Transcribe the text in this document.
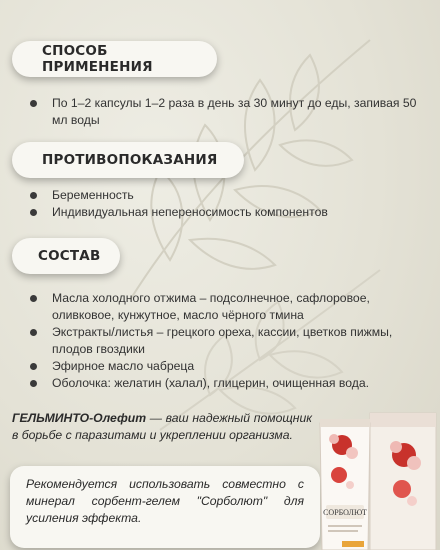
СПОСОБ ПРИМЕНЕНИЯ
По 1–2 капсулы 1–2 раза в день за 30 минут до еды, запивая 50 мл воды
ПРОТИВОПОКАЗАНИЯ
Беременность
Индивидуальная непереносимость компонентов
СОСТАВ
Масла холодного отжима – подсолнечное, сафлоровое, оливковое, кунжутное, масло чёрного тмина
Экстракты/листья – грецкого ореха, кассии, цветков пижмы, плодов гвоздики
Эфирное масло чабреца
Оболочка: желатин (халал), глицерин, очищенная вода.
ГЕЛЬМИНТО-Олефит — ваш надежный помощник в борьбе с паразитами и укреплении организма.
Рекомендуется использовать совместно с минерал сорбент-гелем "Сорболют" для усиления эффекта.	СОРБОЛЮТ
